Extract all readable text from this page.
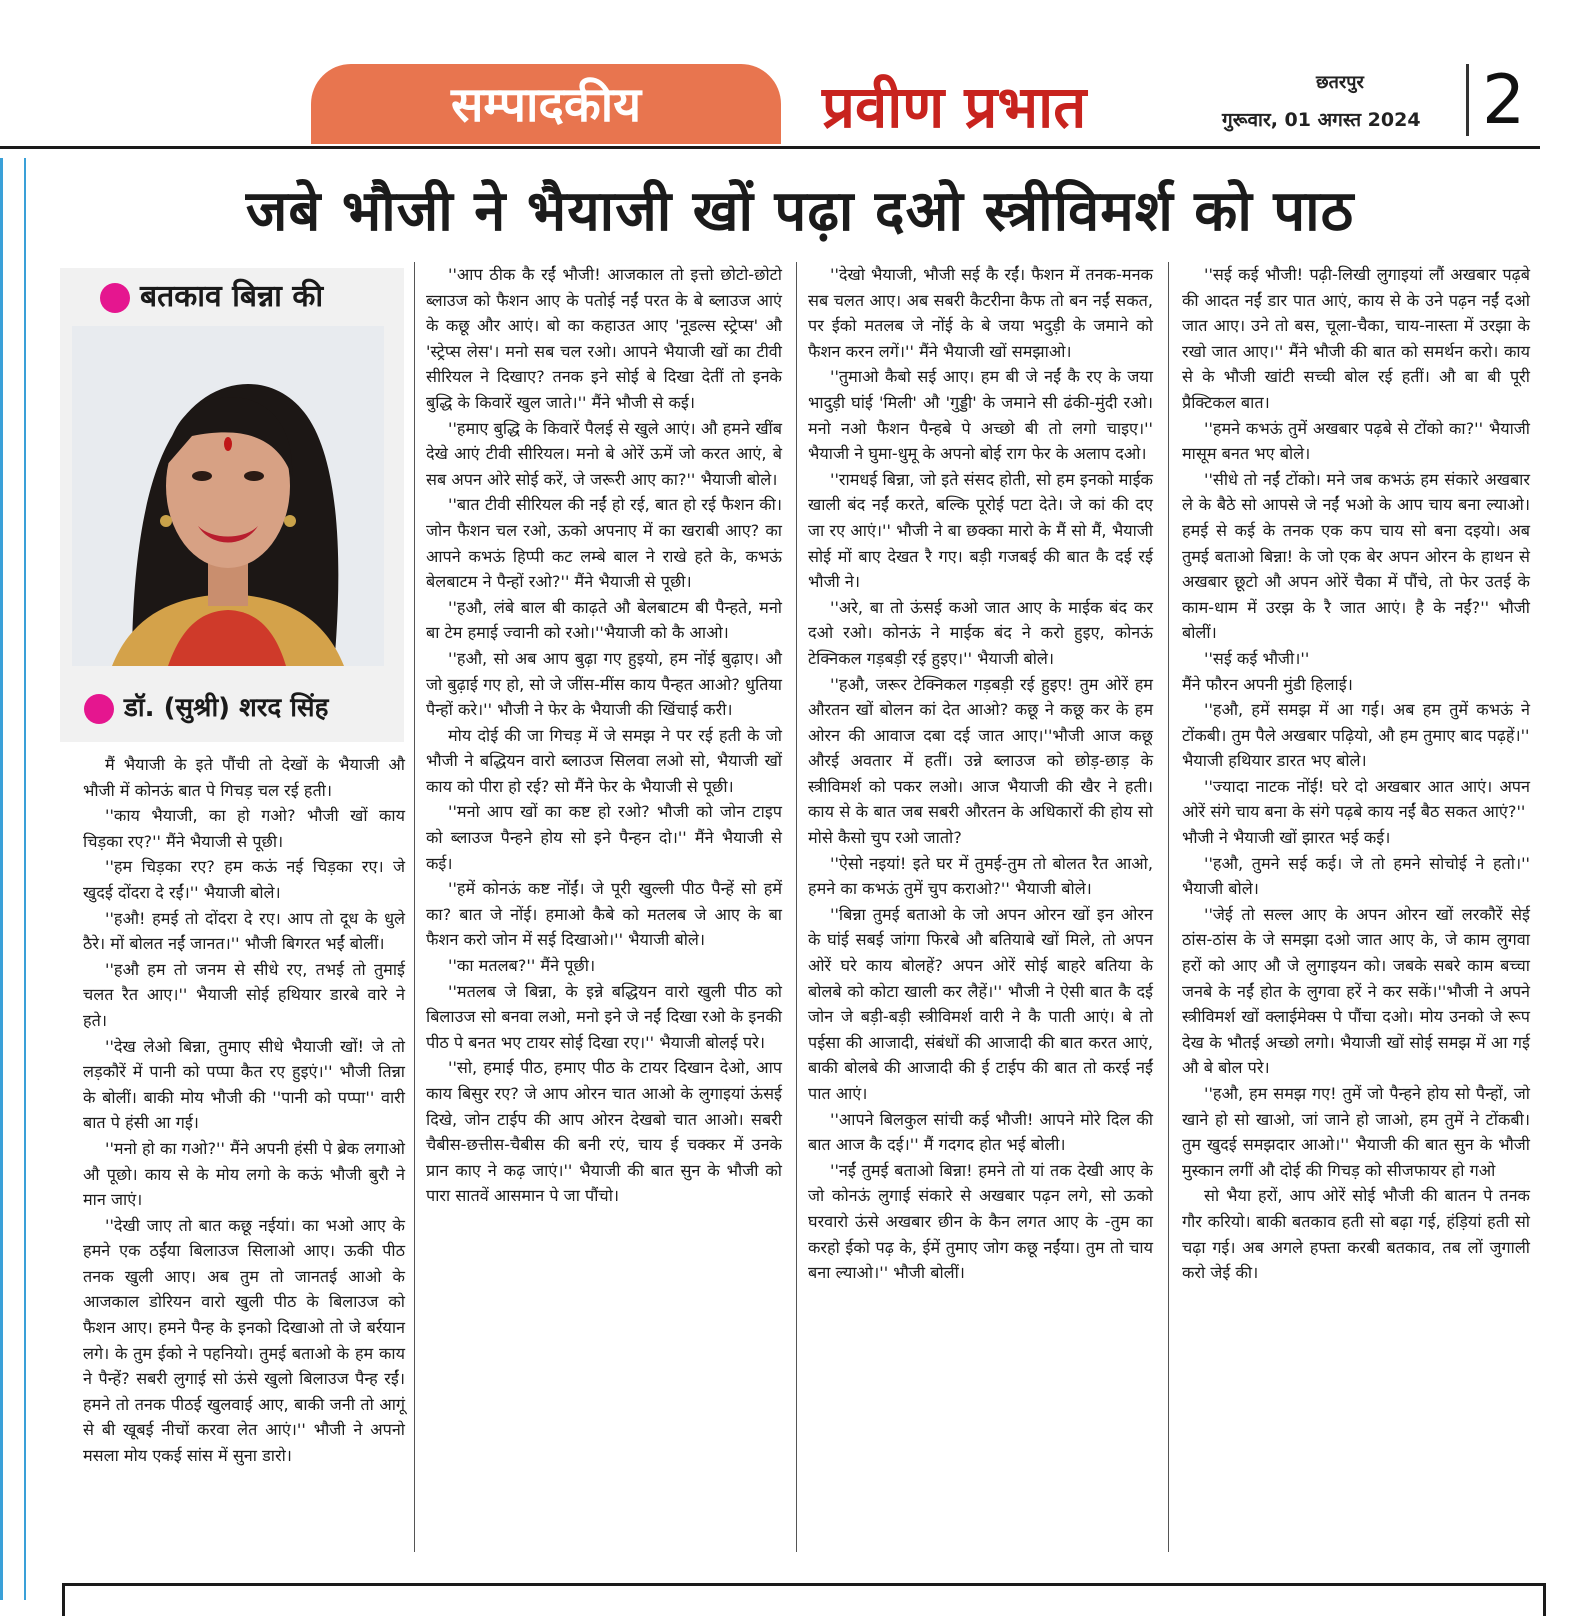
सम्पादकीय	प्रवीण प्रभात	छतरपुर
गुरूवार, 01 अगस्त 2024 2
जबे भौजी ने भैयाजी खों पढ़ा दओ स्त्रीविमर्श को पाठ
बतकाव बिन्ना की
डॉ. (सुश्री) शरद सिंह

मैं भैयाजी के इते पौंची तो देखों के भैयाजी औ भौजी में कोनऊं बात पे गिचड़ चल रई हती।

''काय भैयाजी, का हो गओ? भौजी खों काय चिड़का रए?'' मैंने भैयाजी से पूछी।

''हम चिड़का रए? हम कऊं नई चिड़का रए। जे खुदई दोंदरा दे रईं।'' भैयाजी बोले।

''हऔ! हमई तो दोंदरा दे रए। आप तो दूध के धुले ठैरे। मों बोलत नईं जानत।'' भौजी बिगरत भईं बोलीं।

''हऔ हम तो जनम से सीधे रए, तभई तो तुमाई चलत रैत आए।'' भैयाजी सोई हथियार डारबे वारे ने हते।

''देख लेओ बिन्ना, तुमाए सीधे भैयाजी खों! जे तो लड़कौरें में पानी को पप्पा कैत रए हुइएं।'' भौजी तिन्ना के बोलीं। बाकी मोय भौजी की ''पानी को पप्पा'' वारी बात पे हंसी आ गई।

''मनो हो का गओ?'' मैंने अपनी हंसी पे ब्रेक लगाओ औ पूछो। काय से के मोय लगो के कऊं भौजी बुरौ ने मान जाएं।

''देखी जाए तो बात कछू नईयां। का भओ आए के हमने एक ठईंया बिलाउज सिलाओ आए। ऊकी पीठ तनक खुली आए। अब तुम तो जानतई आओ के आजकाल डोरियन वारो खुली पीठ के बिलाउज को फैशन आए। हमने पैन्ह के इनको दिखाओ तो जे बर्रयान लगे। के तुम ईको ने पहनियो। तुमई बताओ के हम काय ने पैन्हें? सबरी लुगाई सो ऊंसे खुलो बिलाउज पैन्ह रईं। हमने तो तनक पीठई खुलवाई आए, बाकी जनी तो आगूं से बी खूबई नीचों करवा लेत आएं।'' भौजी ने अपनो मसला मोय एकई सांस में सुना डारो।

''आप ठीक कै रईं भौजी! आजकाल तो इत्तो छोटो-छोटो ब्लाउज को फैशन आए के पतोई नईं परत के बे ब्लाउज आएं के कछू और आएं। बो का कहाउत आए 'नूडल्स स्ट्रेप्स' औ 'स्ट्रेप्स लेस'। मनो सब चल रओ। आपने भैयाजी खों का टीवी सीरियल ने दिखाए? तनक इने सोई बे दिखा देतीं तो इनके बुद्धि के किवारें खुल जाते।'' मैंने भौजी से कई।

''हमाए बुद्धि के किवारें पैलई से खुले आएं। औ हमने खींब देखे आएं टीवी सीरियल। मनो बे ओरें ऊमें जो करत आएं, बे सब अपन ओरे सोई करें, जे जरूरी आए का?'' भैयाजी बोले।

''बात टीवी सीरियल की नईं हो रई, बात हो रई फैशन की। जोन फैशन चल रओ, ऊको अपनाए में का खराबी आए? का आपने कभऊं हिप्पी कट लम्बे बाल ने राखे हते के, कभऊं बेलबाटम ने पैन्हों रओ?'' मैंने भैयाजी से पूछी।

''हऔ, लंबे बाल बी काढ़ते औ बेलबाटम बी पैन्हते, मनो बा टेम हमाई ज्वानी को रओ।''भैयाजी को कै आओ।

''हऔ, सो अब आप बुढ़ा गए हुइयो, हम नोंई बुढ़ाए। औ जो बुढ़ाई गए हो, सो जे जींस-मींस काय पैन्हत आओ? धुतिया पैन्हों करे।'' भौजी ने फेर के भैयाजी की खिंचाई करी।

मोय दोई की जा गिचड़ में जे समझ ने पर रई हती के जो भौजी ने बद्धियन वारो ब्लाउज सिलवा लओ सो, भैयाजी खों काय को पीरा हो रई? सो मैंने फेर के भैयाजी से पूछी।

''मनो आप खों का कष्ट हो रओ? भौजी को जोन टाइप को ब्लाउज पैन्हने होय सो इने पैन्हन दो।'' मैंने भैयाजी से कई।

''हमें कोनऊं कष्ट नोंईं। जे पूरी खुल्ली पीठ पैन्हें सो हमें का? बात जे नोंई। हमाओ कैबे को मतलब जे आए के बा फैशन करो जोन में सई दिखाओ।'' भैयाजी बोले।

''का मतलब?'' मैंने पूछी।

''मतलब जे बिन्ना, के इन्ने बद्धियन वारो खुली पीठ को बिलाउज सो बनवा लओ, मनो इने जे नईं दिखा रओ के इनकी पीठ पे बनत भए टायर सोई दिखा रए।'' भैयाजी बोलई परे।

''सो, हमाई पीठ, हमाए पीठ के टायर दिखान देओ, आप काय बिसुर रए? जे आप ओरन चात आओ के लुगाइयां ऊंसई दिखे, जोन टाईप की आप ओरन देखबो चात आओ। सबरी चैबीस-छत्तीस-चैबीस की बनी रएं, चाय ई चक्कर में उनके प्रान काए ने कढ़ जाएं।'' भैयाजी की बात सुन के भौजी को पारा सातवें आसमान पे जा पौंचो।

''देखो भैयाजी, भौजी सई कै रईं। फैशन में तनक-मनक सब चलत आए। अब सबरी कैटरीना कैफ तो बन नईं सकत, पर ईको मतलब जे नोंई के बे जया भदुड़ी के जमाने को फैशन करन लगें।'' मैंने भैयाजी खों समझाओ।

''तुमाओ कैबो सई आए। हम बी जे नईं कै रए के जया भादुड़ी घांई 'मिली' औ 'गुड्डी' के जमाने सी ढंकी-मुंदी रओ। मनो नओ फैशन पैन्हबे पे अच्छो बी तो लगो चाइए।'' भैयाजी ने घुमा-धुमू के अपनो बोई राग फेर के अलाप दओ।

''रामधई बिन्ना, जो इते संसद होती, सो हम इनको माईक खाली बंद नईं करते, बल्कि पूरोई पटा देते। जे कां की दए जा रए आएं।'' भौजी ने बा छक्का मारो के मैं सो मैं, भैयाजी सोई मों बाए देखत रै गए। बड़ी गजबई की बात कै दई रई भौजी ने।

''अरे, बा तो ऊंसई कओ जात आए के माईक बंद कर दओ रओ। कोनऊं ने माईक बंद ने करो हुइए, कोनऊं टेक्निकल गड़बड़ी रई हुइए।'' भैयाजी बोले।

''हऔ, जरूर टेक्निकल गड़बड़ी रई हुइए! तुम ओरें हम औरतन खों बोलन कां देत आओ? कछू ने कछू कर के हम ओरन की आवाज दबा दई जात आए।''भौजी आज कछू औरई अवतार में हतीं। उन्ने ब्लाउज को छोड़-छाड़ के स्त्रीविमर्श को पकर लओ। आज भैयाजी की खैर ने हती। काय से के बात जब सबरी औरतन के अधिकारों की होय सो मोसे कैसो चुप रओ जातो?

''ऐसो नइयां! इते घर में तुमई-तुम तो बोलत रैत आओ, हमने का कभऊं तुमें चुप कराओ?'' भैयाजी बोले।

''बिन्ना तुमई बताओ के जो अपन ओरन खों इन ओरन के घांई सबई जांगा फिरबे औ बतियाबे खों मिले, तो अपन ओरें घरे काय बोलहें? अपन ओरें सोई बाहरे बतिया के बोलबे को कोटा खाली कर लैहें।'' भौजी ने ऐसी बात कै दई जोन जे बड़ी-बड़ी स्त्रीविमर्श वारी ने कै पाती आएं। बे तो पईसा की आजादी, संबंधों की आजादी की बात करत आएं, बाकी बोलबे की आजादी की ई टाईप की बात तो करई नईं पात आएं।

''आपने बिलकुल सांची कई भौजी! आपने मोरे दिल की बात आज कै दई।'' मैं गदगद होत भई बोली।

''नईं तुमई बताओ बिन्ना! हमने तो यां तक देखी आए के जो कोनऊं लुगाई संकारे से अखबार पढ़न लगे, सो ऊको घरवारो ऊंसे अखबार छीन के कैन लगत आए के -तुम का करहो ईको पढ़ के, ईमें तुमाए जोग कछू नईंया। तुम तो चाय बना ल्याओ।'' भौजी बोलीं।

''सई कई भौजी! पढ़ी-लिखी लुगाइयां लौं अखबार पढ़बे की आदत नईं डार पात आएं, काय से के उने पढ़न नईं दओ जात आए। उने तो बस, चूला-चैका, चाय-नास्ता में उरझा के रखो जात आए।'' मैंने भौजी की बात को समर्थन करो। काय से के भौजी खांटी सच्ची बोल रई हतीं। औ बा बी पूरी प्रैक्टिकल बात।

''हमने कभऊं तुमें अखबार पढ़बे से टोंको का?'' भैयाजी मासूम बनत भए बोले।

''सीधे तो नईं टोंको। मने जब कभऊं हम संकारे अखबार ले के बैठे सो आपसे जे नईं भओ के आप चाय बना ल्याओ। हमई से कई के तनक एक कप चाय सो बना दइयो। अब तुमई बताओ बिन्ना! के जो एक बेर अपन ओरन के हाथन से अखबार छूटो औ अपन ओरें चैका में पौंचे, तो फेर उतई के काम-धाम में उरझ के रै जात आएं। है के नईं?'' भौजी बोलीं।

''सई कई भौजी।''

मैंने फौरन अपनी मुंडी हिलाई।

''हऔ, हमें समझ में आ गई। अब हम तुमें कभऊं ने टोंकबी। तुम पैले अखबार पढ़ियो, औ हम तुमाए बाद पढ़हें।''

भैयाजी हथियार डारत भए बोले।

''ज्यादा नाटक नोंई! घरे दो अखबार आत आएं। अपन ओरें संगे चाय बना के संगे पढ़बे काय नईं बैठ सकत आएं?''

भौजी ने भैयाजी खों झारत भई कई।

''हऔ, तुमने सई कई। जे तो हमने सोचोई ने हतो।'' भैयाजी बोले।

''जेई तो सल्ल आए के अपन ओरन खों लरकौरें सेई ठांस-ठांस के जे समझा दओ जात आए के, जे काम लुगवा हरों को आए औ जे लुगाइयन को। जबके सबरे काम बच्चा जनबे के नईं होत के लुगवा हरें ने कर सकें।''भौजी ने अपने स्त्रीविमर्श खों क्लाईमेक्स पे पौंचा दओ। मोय उनको जे रूप देख के भौतई अच्छो लगो। भैयाजी खों सोई समझ में आ गई औ बे बोल परे।

''हऔ, हम समझ गए! तुमें जो पैन्हने होय सो पैन्हों, जो खाने हो सो खाओ, जां जाने हो जाओ, हम तुमें ने टोंकबी। तुम खुदई समझदार आओ।'' भैयाजी की बात सुन के भौजी मुस्कान लगीं औ दोई की गिचड़ को सीजफायर हो गओ

सो भैया हरों, आप ओरें सोई भौजी की बातन पे तनक गौर करियो। बाकी बतकाव हती सो बढ़ा गई, हंड़ियां हती सो चढ़ा गई। अब अगले हफ्ता करबी बतकाव, तब लों जुगाली करो जेई की।
